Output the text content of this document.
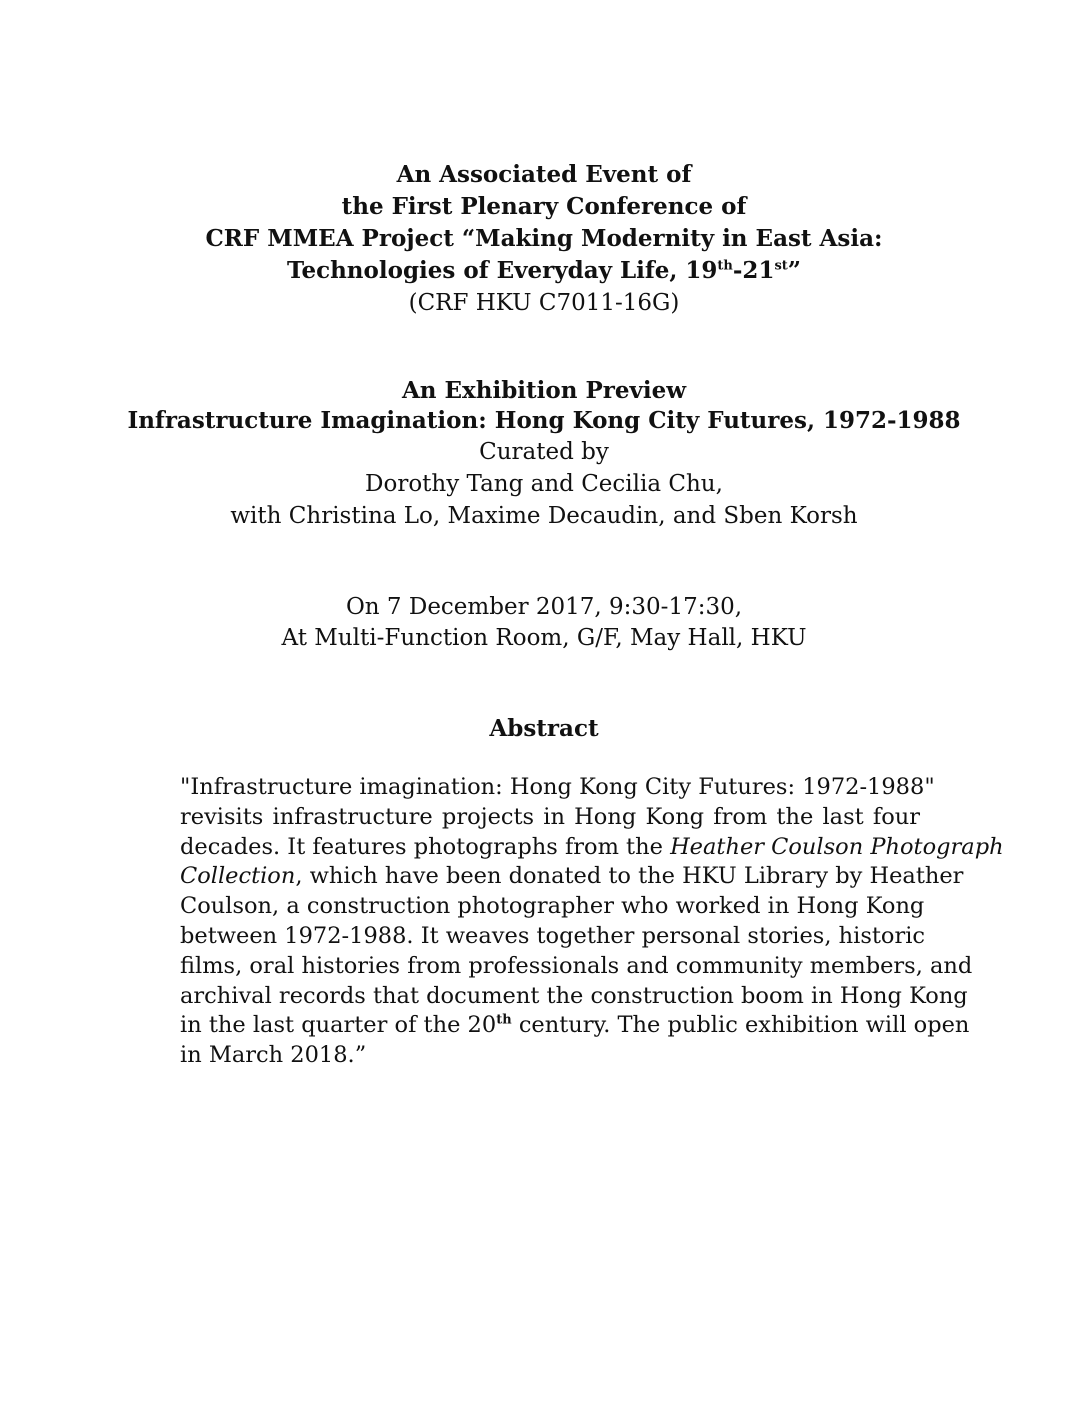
An Associated Event of
the First Plenary Conference of
CRF MMEA Project “Making Modernity in East Asia:
Technologies of Everyday Life, 19th-21st”
(CRF HKU C7011-16G)
An Exhibition Preview
Infrastructure Imagination: Hong Kong City Futures, 1972-1988
Curated by
Dorothy Tang and Cecilia Chu,
with Christina Lo, Maxime Decaudin, and Sben Korsh
On 7 December 2017, 9:30-17:30,
At Multi-Function Room, G/F, May Hall, HKU
Abstract
"Infrastructure imagination: Hong Kong City Futures: 1972-1988"
revisits infrastructure projects in Hong Kong from the last four
decades. It features photographs from the Heather Coulson Photograph
Collection, which have been donated to the HKU Library by Heather
Coulson, a construction photographer who worked in Hong Kong
between 1972-1988. It weaves together personal stories, historic
films, oral histories from professionals and community members, and
archival records that document the construction boom in Hong Kong
in the last quarter of the 20th century. The public exhibition will open
in March 2018.”
